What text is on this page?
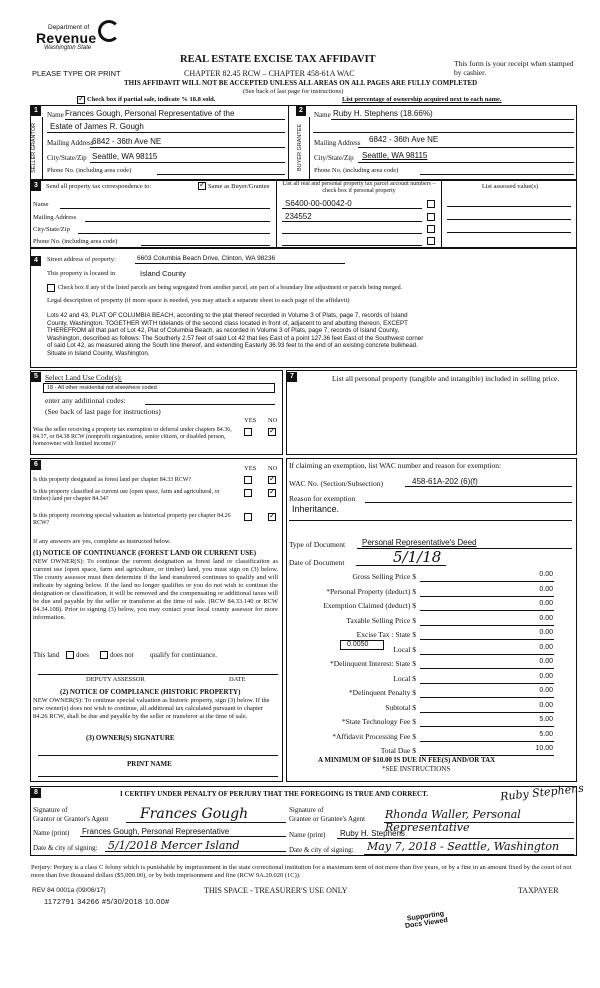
Department of
Revenue
Washington State
PLEASE TYPE OR PRINT
REAL ESTATE EXCISE TAX AFFIDAVIT
CHAPTER 82.45 RCW – CHAPTER 458-61A WAC
THIS AFFIDAVIT WILL NOT BE ACCEPTED UNLESS ALL AREAS ON ALL PAGES ARE FULLY COMPLETED
(See back of last page for instructions)
This form is your receipt when stamped by cashier.
✓
Check box if partial sale, indicate % 18.8 sold.	List percentage of ownership acquired next to each name.
1	2
SELLER GRANTOR	BUYER GRANTEE
Name Frances Gough, Personal Representative of the
Estate of James R. Gough
Mailing Address
6842 - 36th Ave NE
City/State/Zip Seattle, WA 98115
Phone No. (including area code)
Name Ruby H. Stephens (18.66%)
Mailing Address 6842 - 36th Ave NE
City/State/Zip Seattle, WA 98115
Phone No. (including area code)
3	Send all property tax correspondence to: ✓	Same as Buyer/Grantee
Name
Mailing Address
City/State/Zip
Phone No. (including area code)
List all real and personal property tax parcel account numbers – check box if personal property
List assessed value(s)
S6400-00-00042-0
234552
4	Street address of property:	6603 Columbia Beach Drive, Clinton, WA 98236
This property is located in	Island County
Check box if any of the listed parcels are being segregated from another parcel, are part of a boundary line adjustment or parcels being merged.
Legal description of property (if more space is needed, you may attach a separate sheet to each page of the affidavit)
Lots 42 and 43, PLAT OF COLUMBIA BEACH, according to the plat thereof recorded in Volume 3 of Plats, page 7, records of Island
County, Washington. TOGETHER WITH tidelands of the second class located in front of, adjacent to and abutting thereon. EXCEPT
THEREFROM all that part of Lot 42, Plat of Columbia Beach, as recorded in Volume 3 of Plats, page 7, records of Island County,
Washington, described as follows: The Southerly 2.57 feet of said Lot 42 that lies East of a point 127.36 feet East of the Southwest corner
of said Lot 42, as measured along the South line thereof, and extending Easterly 36.93 feet to the end of an existing concrete bulkhead.
Situate in Island County, Washington.
5 Select Land Use Code(s):
18 - All other residential not elsewhere coded
enter any additional codes:
(See back of last page for instructions)
YES NO
Was the seller receiving a property tax exemption or deferral under chapters 84.36, 84.37, or 84.38 RCW (nonprofit organization, senior citizen, or disabled person, homeowner with limited income)?
✓
7	List all personal property (tangible and intangible) included in selling price.
6
YES NO
Is this property designated as forest land per chapter 84.33 RCW?
✓
Is this property classified as current use (open space, farm and agricultural, or timber) land per chapter 84.34?
✓
Is this property receiving special valuation as historical property per chapter 84.26 RCW?
✓
If any answers are yes, complete as instructed below.
(1) NOTICE OF CONTINUANCE (FOREST LAND OR CURRENT USE)
NEW OWNER(S): To continue the current designation as forest land or classification as current use (open space, farm and agriculture, or timber) land, you must sign on (3) below. The county assessor must then determine if the land transferred continues to qualify and will indicate by signing below. If the land no longer qualifies or you do not wish to continue the designation or classification, it will be removed and the compensating or additional taxes will be due and payable by the seller or transferor at the time of sale. (RCW 84.33.140 or RCW 84.34.108). Prior to signing (3) below, you may contact your local county assessor for more information.
This land does	does not qualify for continuance.
DEPUTY ASSESSOR	DATE
(2) NOTICE OF COMPLIANCE (HISTORIC PROPERTY)
NEW OWNER(S): To continue special valuation as historic property, sign (3) below. If the new owner(s) does not wish to continue, all additional tax calculated pursuant to chapter 84.26 RCW, shall be due and payable by the seller or transferor at the time of sale.
(3) OWNER(S) SIGNATURE
PRINT NAME
If claiming an exemption, list WAC number and reason for exemption:
WAC No. (Section/Subsection)	458-61A-202 (6)(f)
Reason for exemption
Inheritance.
Type of Document Personal Representative's Deed
Date of Document	5/1/18
Gross Selling Price $	0.00
*Personal Property (deduct) $	0.00
Exemption Claimed (deduct) $	0.00
Taxable Selling Price $	0.00
Excise Tax : State $	0.00
Local $	0.00
*Delinquent Interest: State $	0.00
Local $	0.00
*Delinquent Penalty $	0.00
Subtotal $	0.00
*State Technology Fee $	5.00
*Affidavit Processing Fee $	5.00
Total Due $	10.00
0.0050
A MINIMUM OF $10.00 IS DUE IN FEE(S) AND/OR TAX
*SEE INSTRUCTIONS
8	I CERTIFY UNDER PENALTY OF PERJURY THAT THE FOREGOING IS TRUE AND CORRECT.	Ruby Stephens
Signature of
Grantor or Grantor's Agent Frances Gough
Name (print) Frances Gough, Personal Representative
Date & city of signing: 5/1/2018 Mercer Island
Signature of
Grantee or Grantee's Agent Rhonda Waller, Personal Representative
Name (print) Ruby H. Stephens
Date & city of signing: May 7, 2018 - Seattle, Washington
Perjury: Perjury is a class C felony which is punishable by imprisonment in the state correctional institution for a maximum term of not more than five years, or by a fine in an amount fixed by the court of not more than five thousand dollars ($5,000.00), or by both imprisonment and fine (RCW 9A.20.020 (1C)).
REV 84 0001a (09/06/17)	THIS SPACE - TREASURER'S USE ONLY	TAXPAYER
1172791 34266 #5/30/2018 10.00#
Supporting Docs Viewed
